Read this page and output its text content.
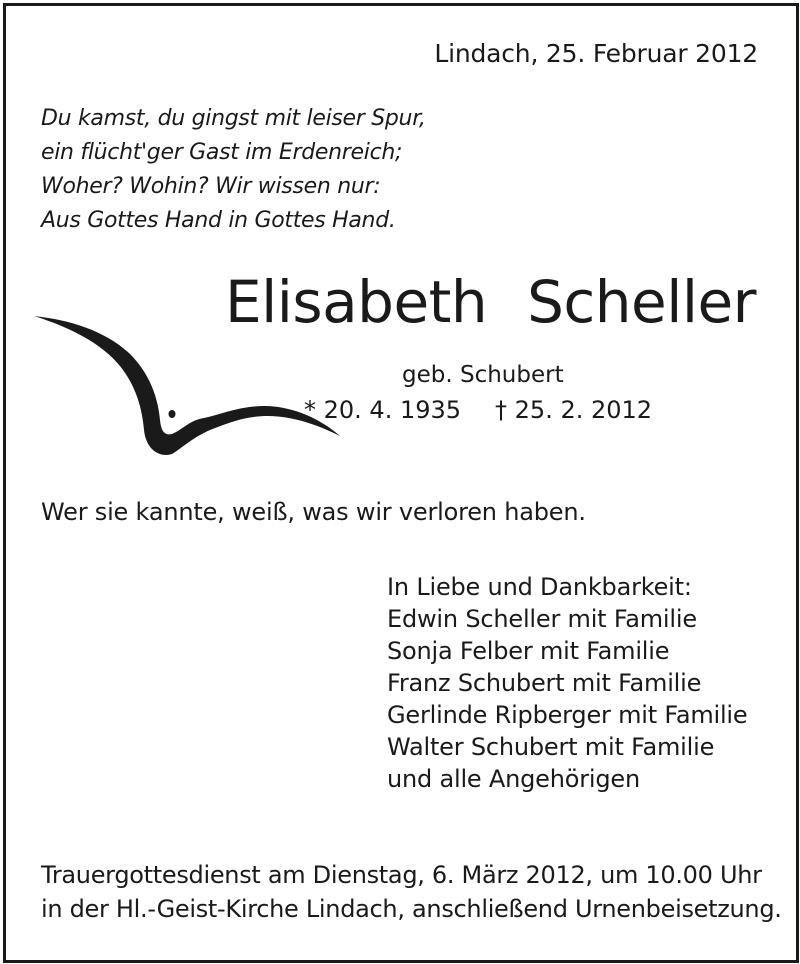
Lindach, 25. Februar 2012
Du kamst, du gingst mit leiser Spur,
ein flücht'ger Gast im Erdenreich;
Woher? Wohin? Wir wissen nur:
Aus Gottes Hand in Gottes Hand.
Elisabeth Scheller
geb. Schubert
* 20. 4. 1935 † 25. 2. 2012
Wer sie kannte, weiß, was wir verloren haben.
In Liebe und Dankbarkeit:
Edwin Scheller mit Familie
Sonja Felber mit Familie
Franz Schubert mit Familie
Gerlinde Ripberger mit Familie
Walter Schubert mit Familie
und alle Angehörigen
Trauergottesdienst am Dienstag, 6. März 2012, um 10.00 Uhr
in der Hl.-Geist-Kirche Lindach, anschließend Urnenbeisetzung.
